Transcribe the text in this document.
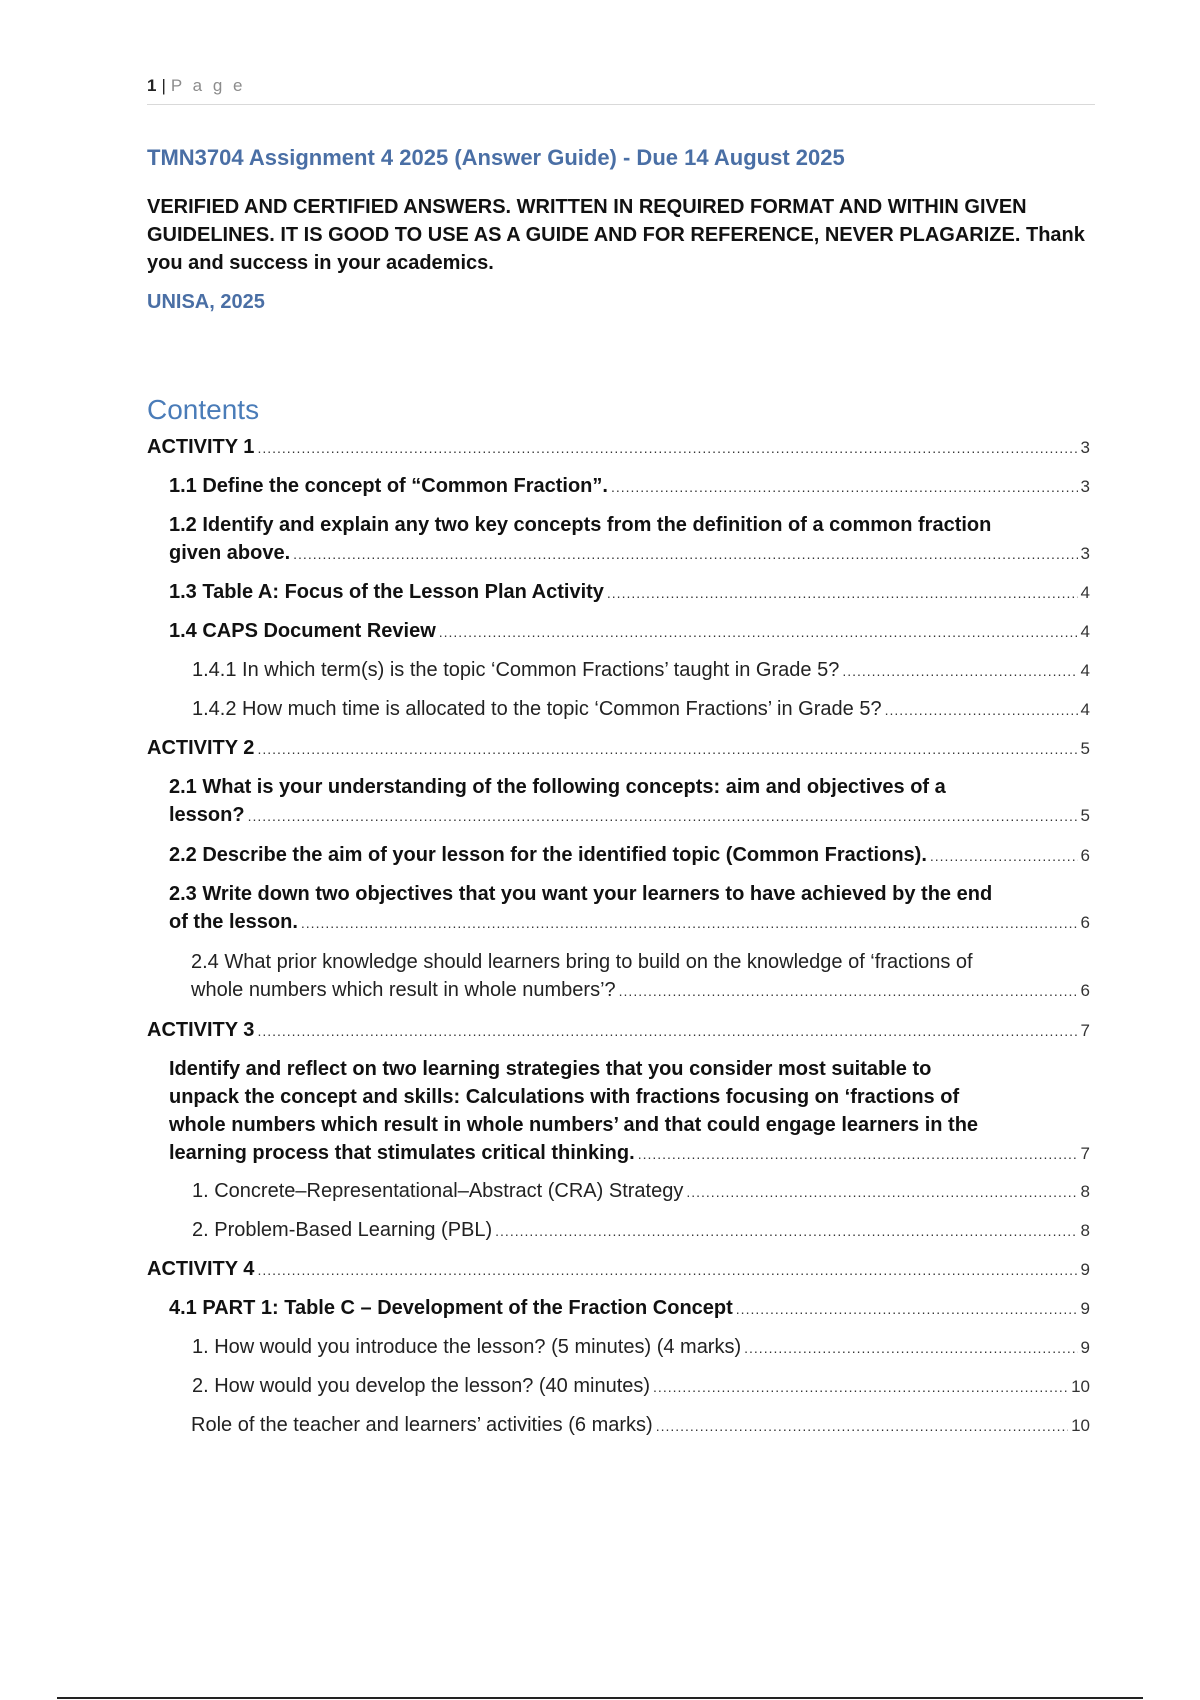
1 | P a g e
TMN3704 Assignment 4 2025 (Answer Guide) - Due 14 August 2025
VERIFIED AND CERTIFIED ANSWERS. WRITTEN IN REQUIRED FORMAT AND WITHIN GIVEN GUIDELINES. IT IS GOOD TO USE AS A GUIDE AND FOR REFERENCE, NEVER PLAGARIZE. Thank you and success in your academics.
UNISA, 2025
Contents
ACTIVITY 1 .....	3
1.1 Define the concept of “Common Fraction”. .....	3
1.2 Identify and explain any two key concepts from the definition of a common fraction
given above. .....	3
1.3 Table A: Focus of the Lesson Plan Activity .....	4
1.4 CAPS Document Review .....	4
1.4.1 In which term(s) is the topic ‘Common Fractions’ taught in Grade 5? .....	4
1.4.2 How much time is allocated to the topic ‘Common Fractions’ in Grade 5? .....	4
ACTIVITY 2 .....	5
2.1 What is your understanding of the following concepts: aim and objectives of a
lesson? .....	5
2.2 Describe the aim of your lesson for the identified topic (Common Fractions). .....	6
2.3 Write down two objectives that you want your learners to have achieved by the end
of the lesson. .....	6
2.4 What prior knowledge should learners bring to build on the knowledge of ‘fractions of
whole numbers which result in whole numbers’? .....	6
ACTIVITY 3 .....	7
Identify and reflect on two learning strategies that you consider most suitable to
unpack the concept and skills: Calculations with fractions focusing on ‘fractions of
whole numbers which result in whole numbers’ and that could engage learners in the
learning process that stimulates critical thinking. .....	7
1. Concrete–Representational–Abstract (CRA) Strategy .....	8
2. Problem-Based Learning (PBL) .....	8
ACTIVITY 4 .....	9
4.1 PART 1: Table C – Development of the Fraction Concept .....	9
1. How would you introduce the lesson? (5 minutes) (4 marks) .....	9
2. How would you develop the lesson? (40 minutes) .....	10
Role of the teacher and learners’ activities (6 marks) .....	10
